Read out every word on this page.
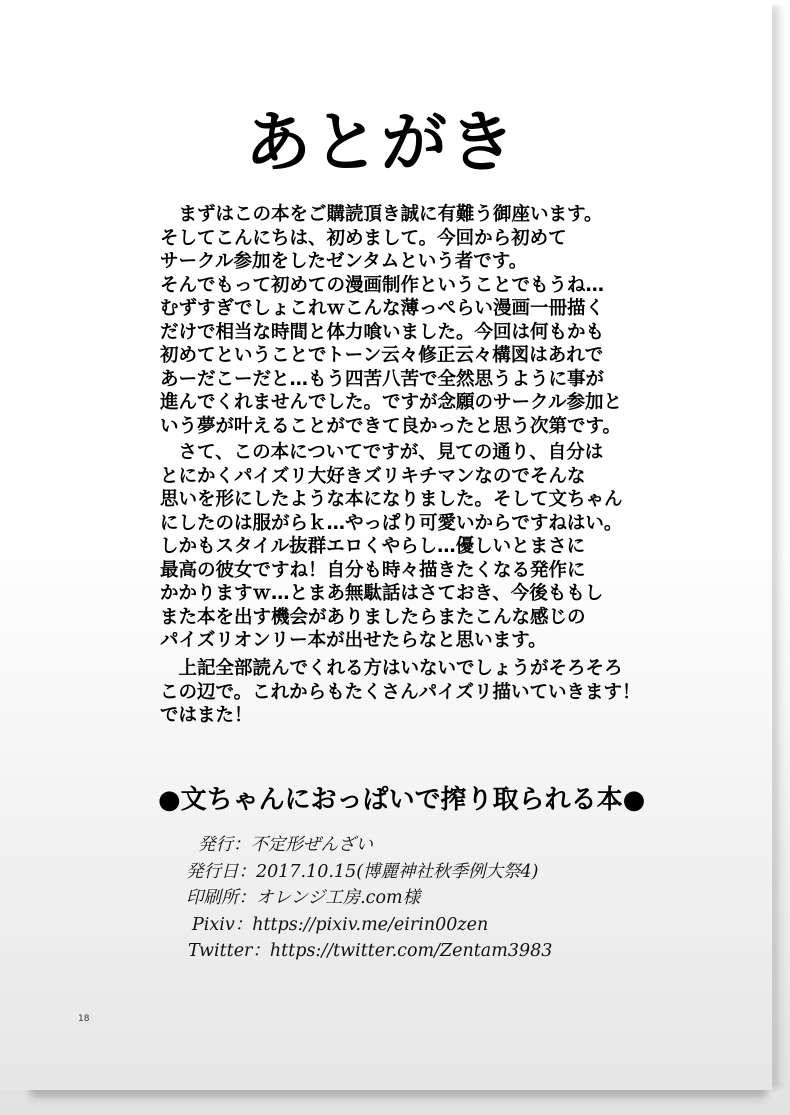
あとがき
　まずはこの本をご購読頂き誠に有難う御座います。
そしてこんにちは、初めまして。今回から初めて
サークル参加をしたゼンタムという者です。
そんでもって初めての漫画制作ということでもうね…
むずすぎでしょこれｗこんな薄っぺらい漫画一冊描く
だけで相当な時間と体力喰いました。今回は何もかも
初めてということでトーン云々修正云々構図はあれで
あーだこーだと…もう四苦八苦で全然思うように事が
進んでくれませんでした。ですが念願のサークル参加と
いう夢が叶えることができて良かったと思う次第です。
　さて、この本についてですが、見ての通り、自分は
とにかくパイズリ大好きズリキチマンなのでそんな
思いを形にしたような本になりました。そして文ちゃん
にしたのは服がらｋ…やっぱり可愛いからですねはい。
しかもスタイル抜群エロくやらし…優しいとまさに
最高の彼女ですね！自分も時々描きたくなる発作に
かかりますｗ…とまあ無駄話はさておき、今後ももし
また本を出す機会がありましたらまたこんな感じの
パイズリオンリー本が出せたらなと思います。
　上記全部読んでくれる方はいないでしょうがそろそろ
この辺で。これからもたくさんパイズリ描いていきます！
ではまた！
●文ちゃんにおっぱいで搾り取られる本●
発行：不定形ぜんざい
発行日：2017.10.15(博麗神社秋季例大祭4)
印刷所：オレンジ工房.com様
Pixiv：https://pixiv.me/eirin00zen
Twitter：https://twitter.com/Zentam3983
18
